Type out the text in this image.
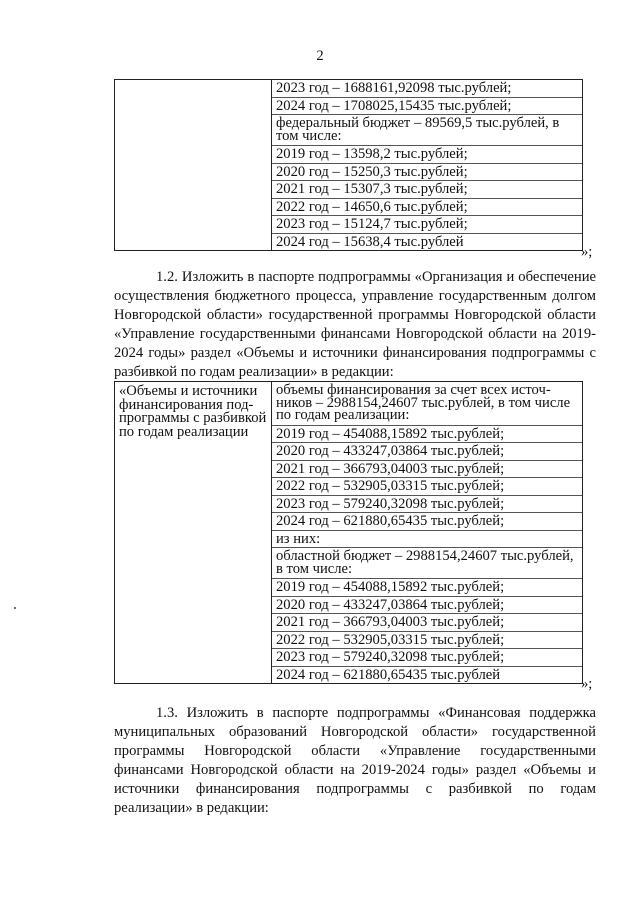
2

2023 год – 1688161,92098 тыс.рублей;
2024 год – 1708025,15435 тыс.рублей;
федеральный бюджет – 89569,5 тыс.рублей, в том числе:
2019 год – 13598,2 тыс.рублей;
2020 год – 15250,3 тыс.рублей;
2021 год – 15307,3 тыс.рублей;
2022 год – 14650,6 тыс.рублей;
2023 год – 15124,7 тыс.рублей;
2024 год – 15638,4 тыс.рублей
»;

1.2. Изложить в паспорте подпрограммы «Организация и обеспечение осуществления бюджетного процесса, управление государственным долгом Новгородской области» государственной программы Новгородской области «Управление государственными финансами Новгородской области на 2019-2024 годы» раздел «Объемы и источники финансирования подпрограммы с разбивкой по годам реализации» в редакции:

«Объемы и источники финансирования под-программы с разбивкой по годам реализации

объемы финансирования за счет всех источ-ников – 2988154,24607 тыс.рублей, в том числе по годам реализации:
2019 год – 454088,15892 тыс.рублей;
2020 год – 433247,03864 тыс.рублей;
2021 год – 366793,04003 тыс.рублей;
2022 год – 532905,03315 тыс.рублей;
2023 год – 579240,32098 тыс.рублей;
2024 год – 621880,65435 тыс.рублей;
из них:
областной бюджет – 2988154,24607 тыс.рублей, в том числе:
2019 год – 454088,15892 тыс.рублей;
2020 год – 433247,03864 тыс.рублей;
2021 год – 366793,04003 тыс.рублей;
2022 год – 532905,03315 тыс.рублей;
2023 год – 579240,32098 тыс.рублей;
2024 год – 621880,65435 тыс.рублей
»;

1.3. Изложить в паспорте подпрограммы «Финансовая поддержка муниципальных образований Новгородской области» государственной программы Новгородской области «Управление государственными финансами Новгородской области на 2019-2024 годы» раздел «Объемы и источники финансирования подпрограммы с разбивкой по годам реализации» в редакции:
